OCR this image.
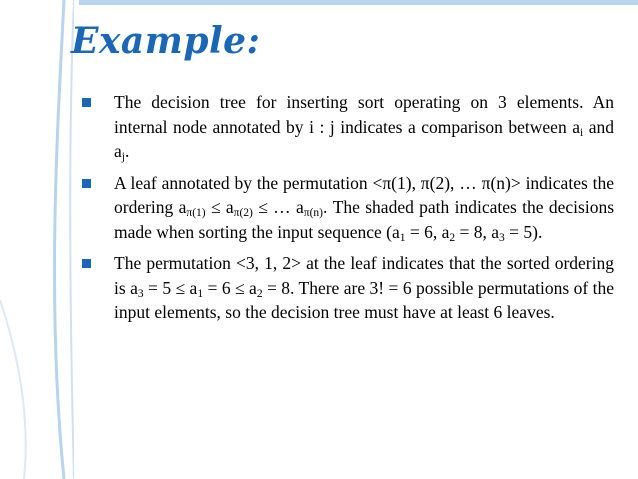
Example:
The decision tree for inserting sort operating on 3 elements. An internal node annotated by i : j indicates a comparison between $a_i$ and $a_j$.
A leaf annotated by the permutation <π(1), π(2), … π(n)> indicates the ordering $a_{\pi(1)} \le a_{\pi(2)}$ ≤ … $a_{\pi(n)}$. The shaded path indicates the decisions made when sorting the input sequence ($a_1 = 6$, $a_2 = 8$, $a_3 = 5$).
The permutation <3, 1, 2> at the leaf indicates that the sorted ordering is $a_3 = 5 \le a_1 = 6 \le a_2 = 8$. There are 3! = 6 possible permutations of the input elements, so the decision tree must have at least 6 leaves.
